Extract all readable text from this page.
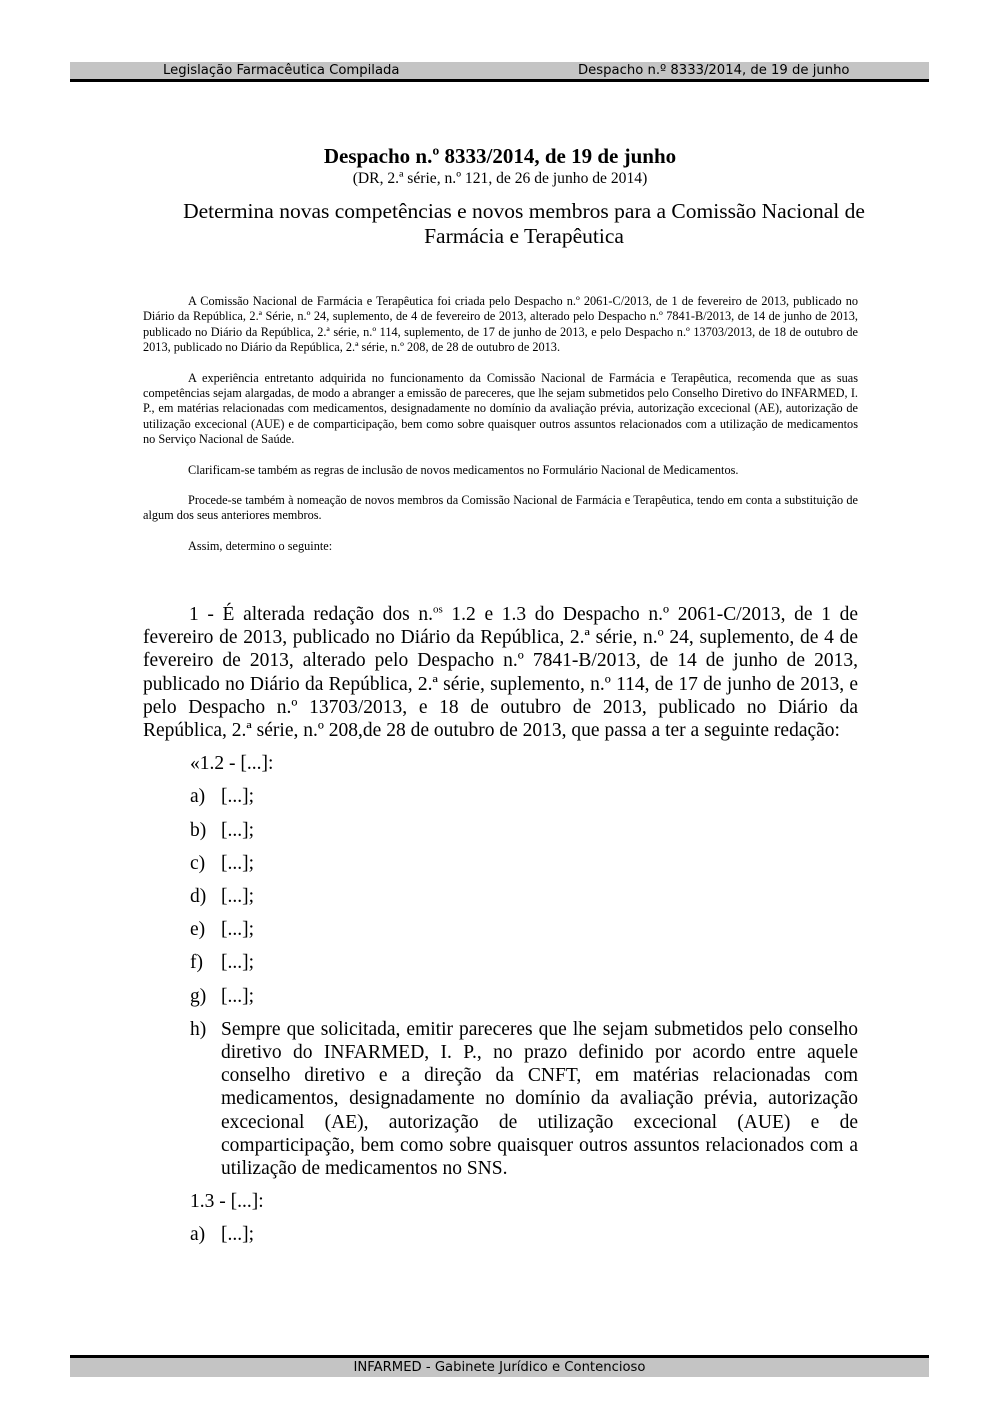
Legislação Farmacêutica Compilada	Despacho n.º 8333/2014, de 19 de junho
Despacho n.º 8333/2014, de 19 de junho

(DR, 2.ª série, n.º 121, de 26 de junho de 2014)

Determina novas competências e novos membros para a Comissão Nacional de Farmácia e Terapêutica

A Comissão Nacional de Farmácia e Terapêutica foi criada pelo Despacho n.º 2061-C/2013, de 1 de fevereiro de 2013, publicado no Diário da República, 2.ª Série, n.º 24, suplemento, de 4 de fevereiro de 2013, alterado pelo Despacho n.º 7841-B/2013, de 14 de junho de 2013, publicado no Diário da República, 2.ª série, n.º 114, suplemento, de 17 de junho de 2013, e pelo Despacho n.º 13703/2013, de 18 de outubro de 2013, publicado no Diário da República, 2.ª série, n.º 208, de 28 de outubro de 2013.

A experiência entretanto adquirida no funcionamento da Comissão Nacional de Farmácia e Terapêutica, recomenda que as suas competências sejam alargadas, de modo a abranger a emissão de pareceres, que lhe sejam submetidos pelo Conselho Diretivo do INFARMED, I. P., em matérias relacionadas com medicamentos, designadamente no domínio da avaliação prévia, autorização excecional (AE), autorização de utilização excecional (AUE) e de comparticipação, bem como sobre quaisquer outros assuntos relacionados com a utilização de medicamentos no Serviço Nacional de Saúde.

Clarificam-se também as regras de inclusão de novos medicamentos no Formulário Nacional de Medicamentos.

Procede-se também à nomeação de novos membros da Comissão Nacional de Farmácia e Terapêutica, tendo em conta a substituição de algum dos seus anteriores membros.

Assim, determino o seguinte:

1 - É alterada redação dos n.$^{os}$ 1.2 e 1.3 do Despacho n.º 2061-C/2013, de 1 de fevereiro de 2013, publicado no Diário da República, 2.ª série, n.º 24, suplemento, de 4 de fevereiro de 2013, alterado pelo Despacho n.º 7841-B/2013, de 14 de junho de 2013, publicado no Diário da República, 2.ª série, suplemento, n.º 114, de 17 de junho de 2013, e pelo Despacho n.º 13703/2013, e 18 de outubro de 2013, publicado no Diário da República, 2.ª série, n.º 208,de 28 de outubro de 2013, que passa a ter a seguinte redação:

«1.2 - [...]:

a) [...];
b) [...];
c) [...];
d) [...];
e) [...];
f) [...];
g) [...];
h) Sempre que solicitada, emitir pareceres que lhe sejam submetidos pelo conselho diretivo do INFARMED, I. P., no prazo definido por acordo entre aquele conselho diretivo e a direção da CNFT, em matérias relacionadas com medicamentos, designadamente no domínio da avaliação prévia, autorização excecional (AE), autorização de utilização excecional (AUE) e de comparticipação, bem como sobre quaisquer outros assuntos relacionados com a utilização de medicamentos no SNS.

1.3 - [...]:

a) [...];
INFARMED - Gabinete Jurídico e Contencioso
